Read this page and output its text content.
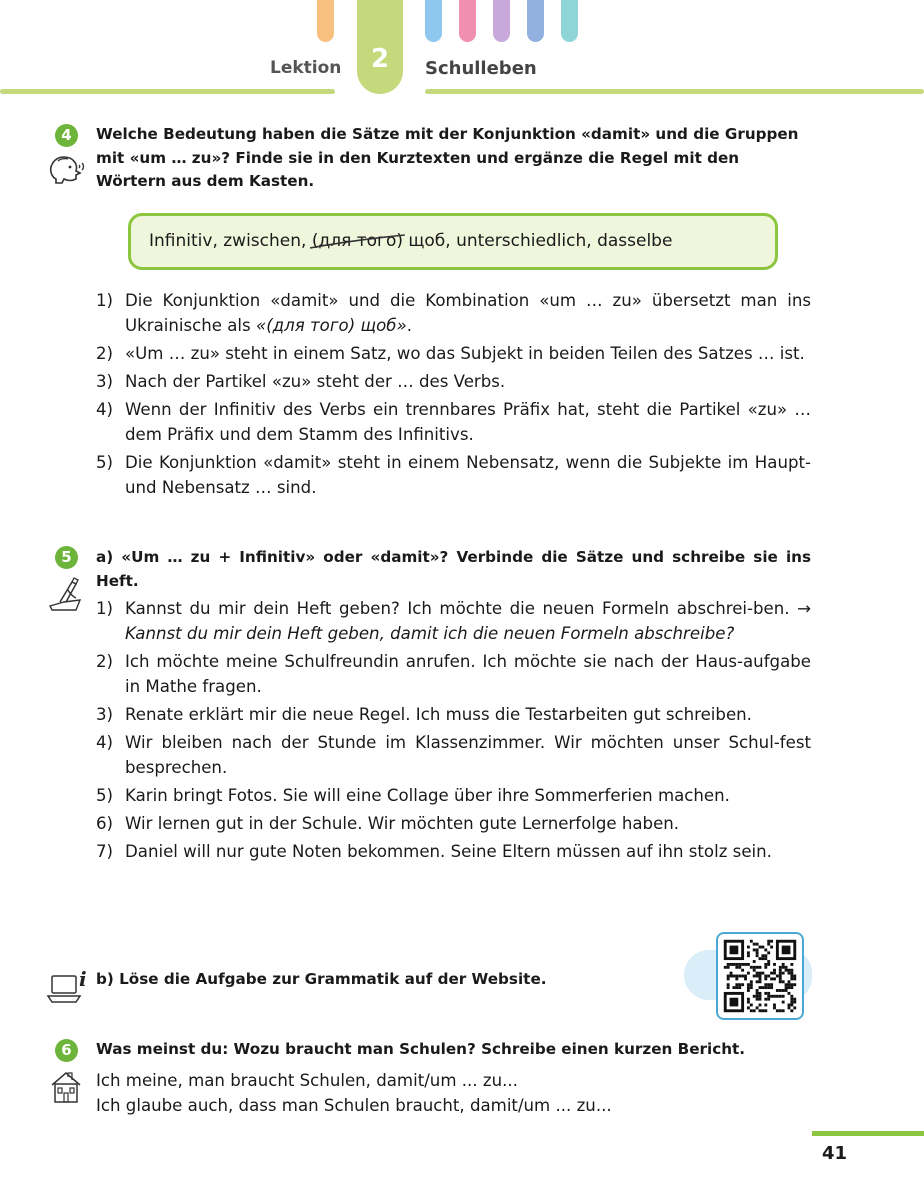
2
Lektion	Schulleben
4	Welche Bedeutung haben die Sätze mit der Konjunktion «damit» und die Gruppen mit «um … zu»? Finde sie in den Kurztexten und ergänze die Regel mit den Wörtern aus dem Kasten.
Infinitiv, zwischen, (для того)
щоб, unterschiedlich, dasselbe
1) Die Konjunktion «damit» und die Kombination «um … zu» übersetzt man ins Ukrainische als «(для того) щоб».
2) «Um … zu» steht in einem Satz, wo das Subjekt in beiden Teilen des Satzes … ist.
3) Nach der Partikel «zu» steht der … des Verbs.
4) Wenn der Infinitiv des Verbs ein trennbares Präfix hat, steht die Partikel «zu» … dem Präfix und dem Stamm des Infinitivs.
5) Die Konjunktion «damit» steht in einem Nebensatz, wenn die Subjekte im Haupt- und Nebensatz … sind.
5	a) «Um … zu + Infinitiv» oder «damit»? Verbinde die Sätze und schreibe sie ins Heft.
1) Kannst du mir dein Heft geben? Ich möchte die neuen Formeln abschrei-ben. → Kannst du mir dein Heft geben, damit ich die neuen Formeln abschreibe?
2) Ich möchte meine Schulfreundin anrufen. Ich möchte sie nach der Haus-aufgabe in Mathe fragen.
3) Renate erklärt mir die neue Regel. Ich muss die Testarbeiten gut schreiben.
4) Wir bleiben nach der Stunde im Klassenzimmer. Wir möchten unser Schul-fest besprechen.
5) Karin bringt Fotos. Sie will eine Collage über ihre Sommerferien machen.
6) Wir lernen gut in der Schule. Wir möchten gute Lernerfolge haben.
7) Daniel will nur gute Noten bekommen. Seine Eltern müssen auf ihn stolz sein.
i b) Löse die Aufgabe zur Grammatik auf der Website.
6	Was meinst du: Wozu braucht man Schulen? Schreibe einen kurzen Bericht.
Ich meine, man braucht Schulen, damit/um ... zu...
Ich glaube auch, dass man Schulen braucht, damit/um ... zu...
41
